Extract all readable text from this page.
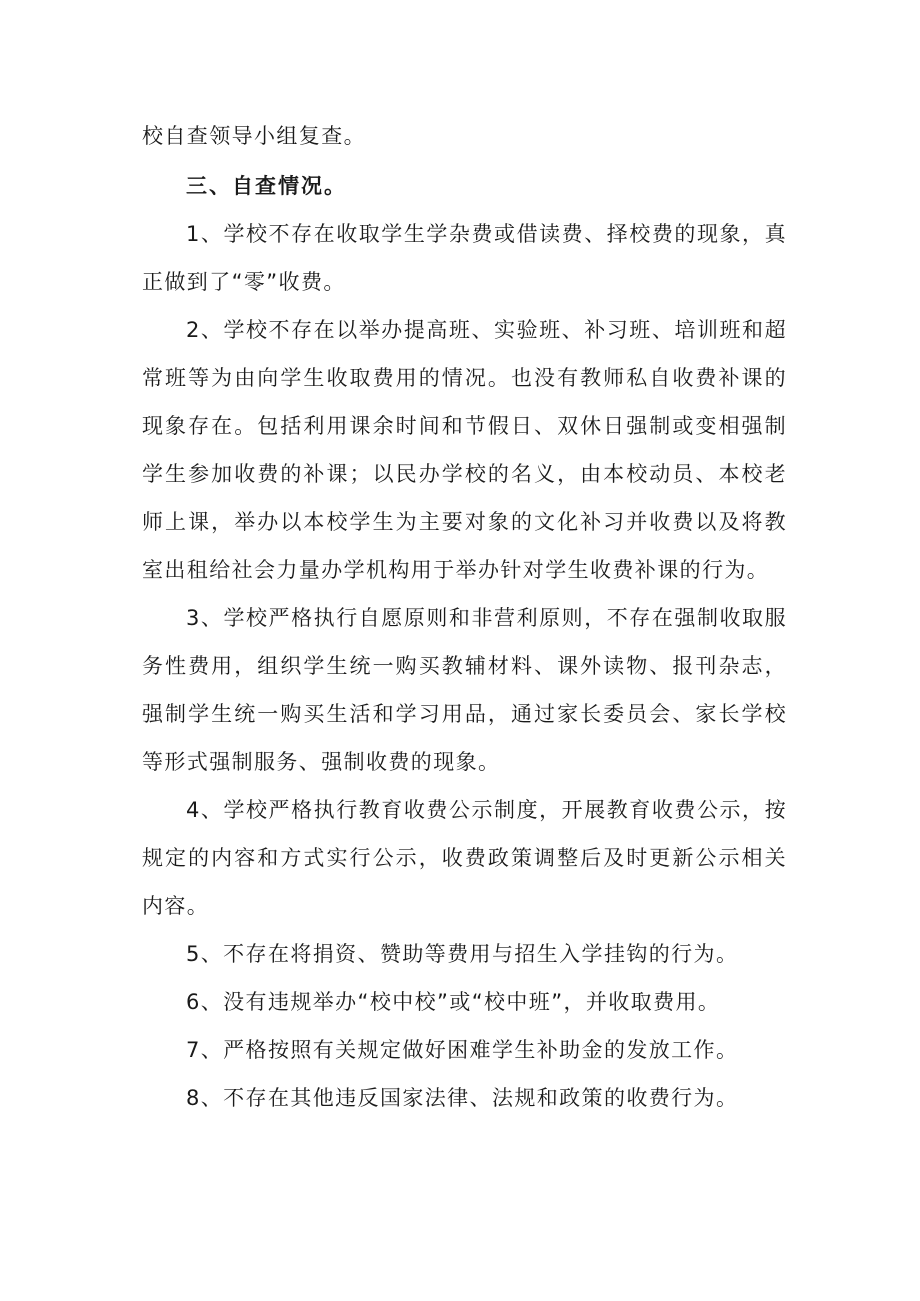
校自查领导小组复查。

三、自查情况。

1、学校不存在收取学生学杂费或借读费、择校费的现象，真正做到了“零”收费。

2、学校不存在以举办提高班、实验班、补习班、培训班和超常班等为由向学生收取费用的情况。也没有教师私自收费补课的现象存在。包括利用课余时间和节假日、双休日强制或变相强制学生参加收费的补课；以民办学校的名义，由本校动员、本校老师上课，举办以本校学生为主要对象的文化补习并收费以及将教室出租给社会力量办学机构用于举办针对学生收费补课的行为。

3、学校严格执行自愿原则和非营利原则，不存在强制收取服务性费用，组织学生统一购买教辅材料、课外读物、报刊杂志，强制学生统一购买生活和学习用品，通过家长委员会、家长学校等形式强制服务、强制收费的现象。

4、学校严格执行教育收费公示制度，开展教育收费公示，按规定的内容和方式实行公示，收费政策调整后及时更新公示相关内容。

5、不存在将捐资、赞助等费用与招生入学挂钩的行为。

6、没有违规举办“校中校”或“校中班”，并收取费用。

7、严格按照有关规定做好困难学生补助金的发放工作。

8、不存在其他违反国家法律、法规和政策的收费行为。
